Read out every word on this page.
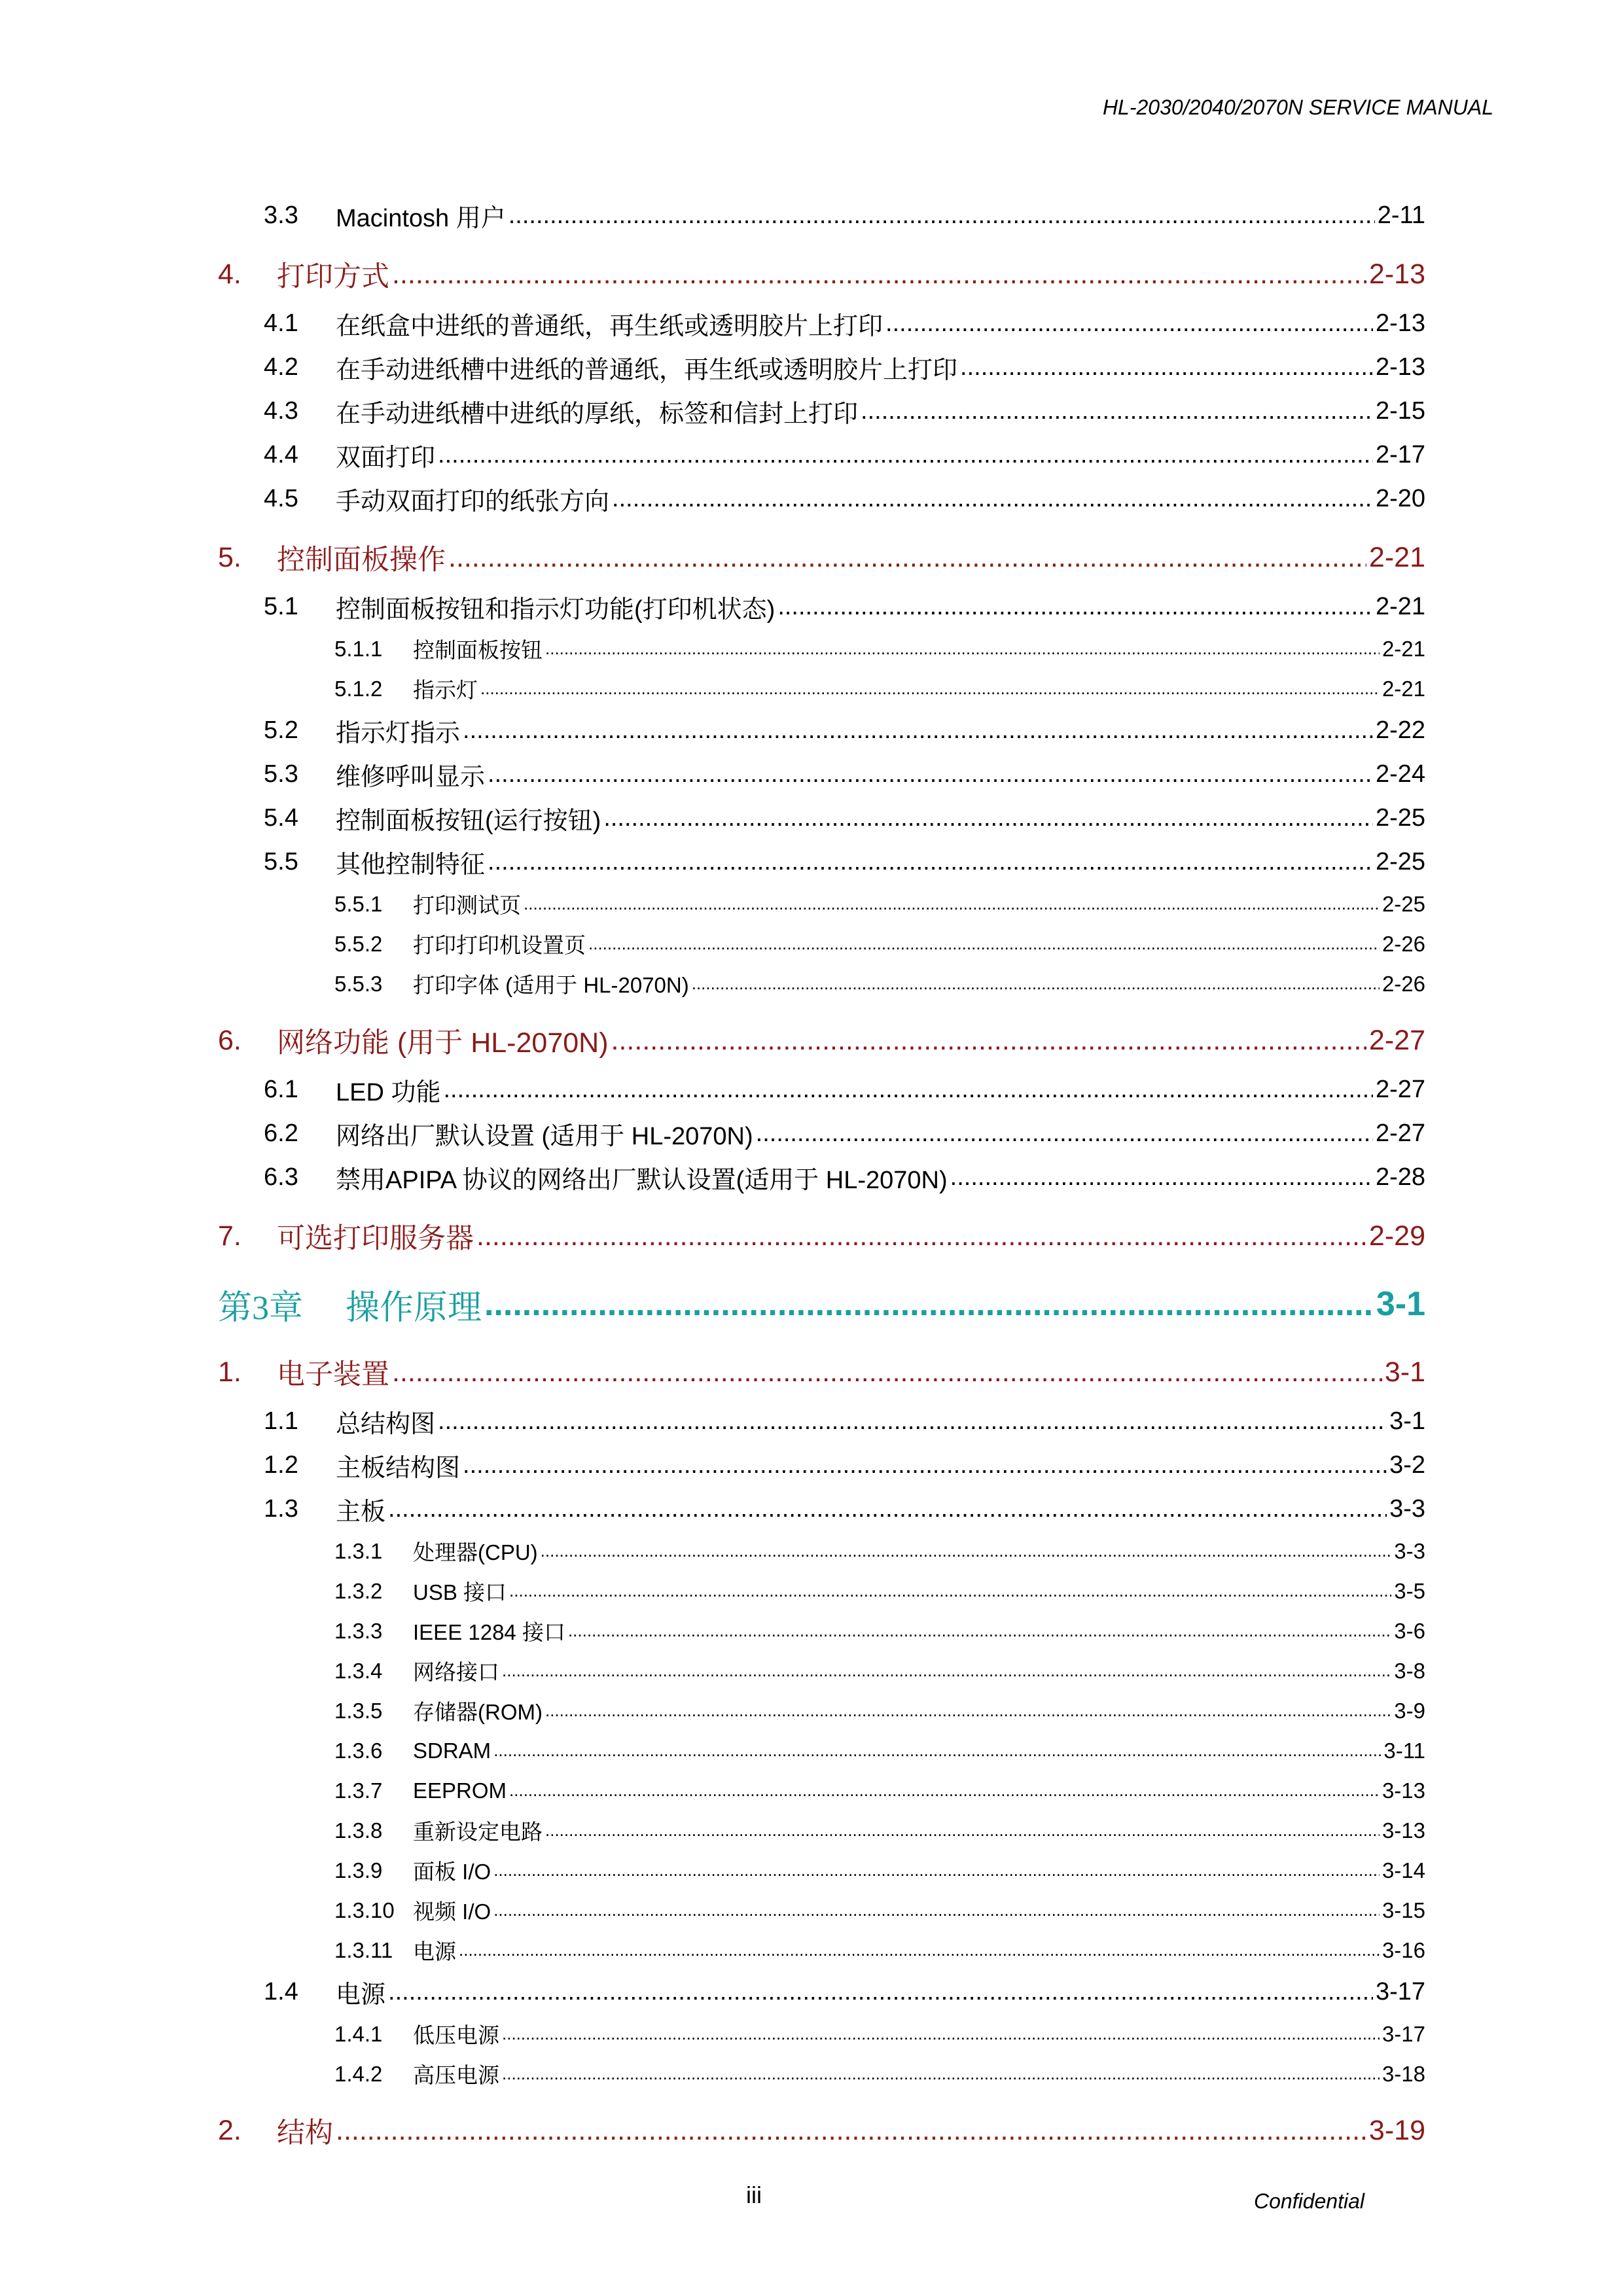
HL-2030/2040/2070N SERVICE MANUAL
3.3	Macintosh 用户 .....	2-11
4.	打印方式 .....	2-13
4.1	在纸盒中进纸的普通纸，再生纸或透明胶片上打印 .....	2-13
4.2	在手动进纸槽中进纸的普通纸，再生纸或透明胶片上打印 .....	2-13
4.3	在手动进纸槽中进纸的厚纸，标签和信封上打印 .....	2-15
4.4	双面打印 .....	2-17
4.5	手动双面打印的纸张方向 .....	2-20
5.	控制面板操作 .....	2-21
5.1	控制面板按钮和指示灯功能(打印机状态) .....	2-21
5.1.1	控制面板按钮 .....	2-21
5.1.2	指示灯 .....	2-21
5.2	指示灯指示 .....	2-22
5.3	维修呼叫显示 .....	2-24
5.4	控制面板按钮(运行按钮) .....	2-25
5.5	其他控制特征 .....	2-25
5.5.1	打印测试页 .....	2-25
5.5.2	打印打印机设置页 .....	2-26
5.5.3	打印字体 (适用于 HL-2070N) .....	2-26
6.	网络功能 (用于 HL-2070N) .....	2-27
6.1	LED 功能 .....	2-27
6.2	网络出厂默认设置 (适用于 HL-2070N) .....	2-27
6.3	禁用APIPA 协议的网络出厂默认设置(适用于 HL-2070N) .....	2-28
7.	可选打印服务器 .....	2-29
第3章	操作原理 .....	3-1
1.	电子装置 .....	3-1
1.1	总结构图 .....	3-1
1.2	主板结构图 .....	3-2
1.3	主板 .....	3-3
1.3.1	处理器(CPU) .....	3-3
1.3.2	USB 接口 .....	3-5
1.3.3	IEEE 1284 接口 .....	3-6
1.3.4	网络接口 .....	3-8
1.3.5	存储器(ROM) .....	3-9
1.3.6	SDRAM .....	3-11
1.3.7	EEPROM .....	3-13
1.3.8	重新设定电路 .....	3-13
1.3.9	面板 I/O .....	3-14
1.3.10 视频 I/O .....	3-15
1.3.11 电源 .....	3-16
1.4	电源 .....	3-17
1.4.1	低压电源 .....	3-17
1.4.2	高压电源 .....	3-18
2.	结构 .....	3-19
iii	Confidential
